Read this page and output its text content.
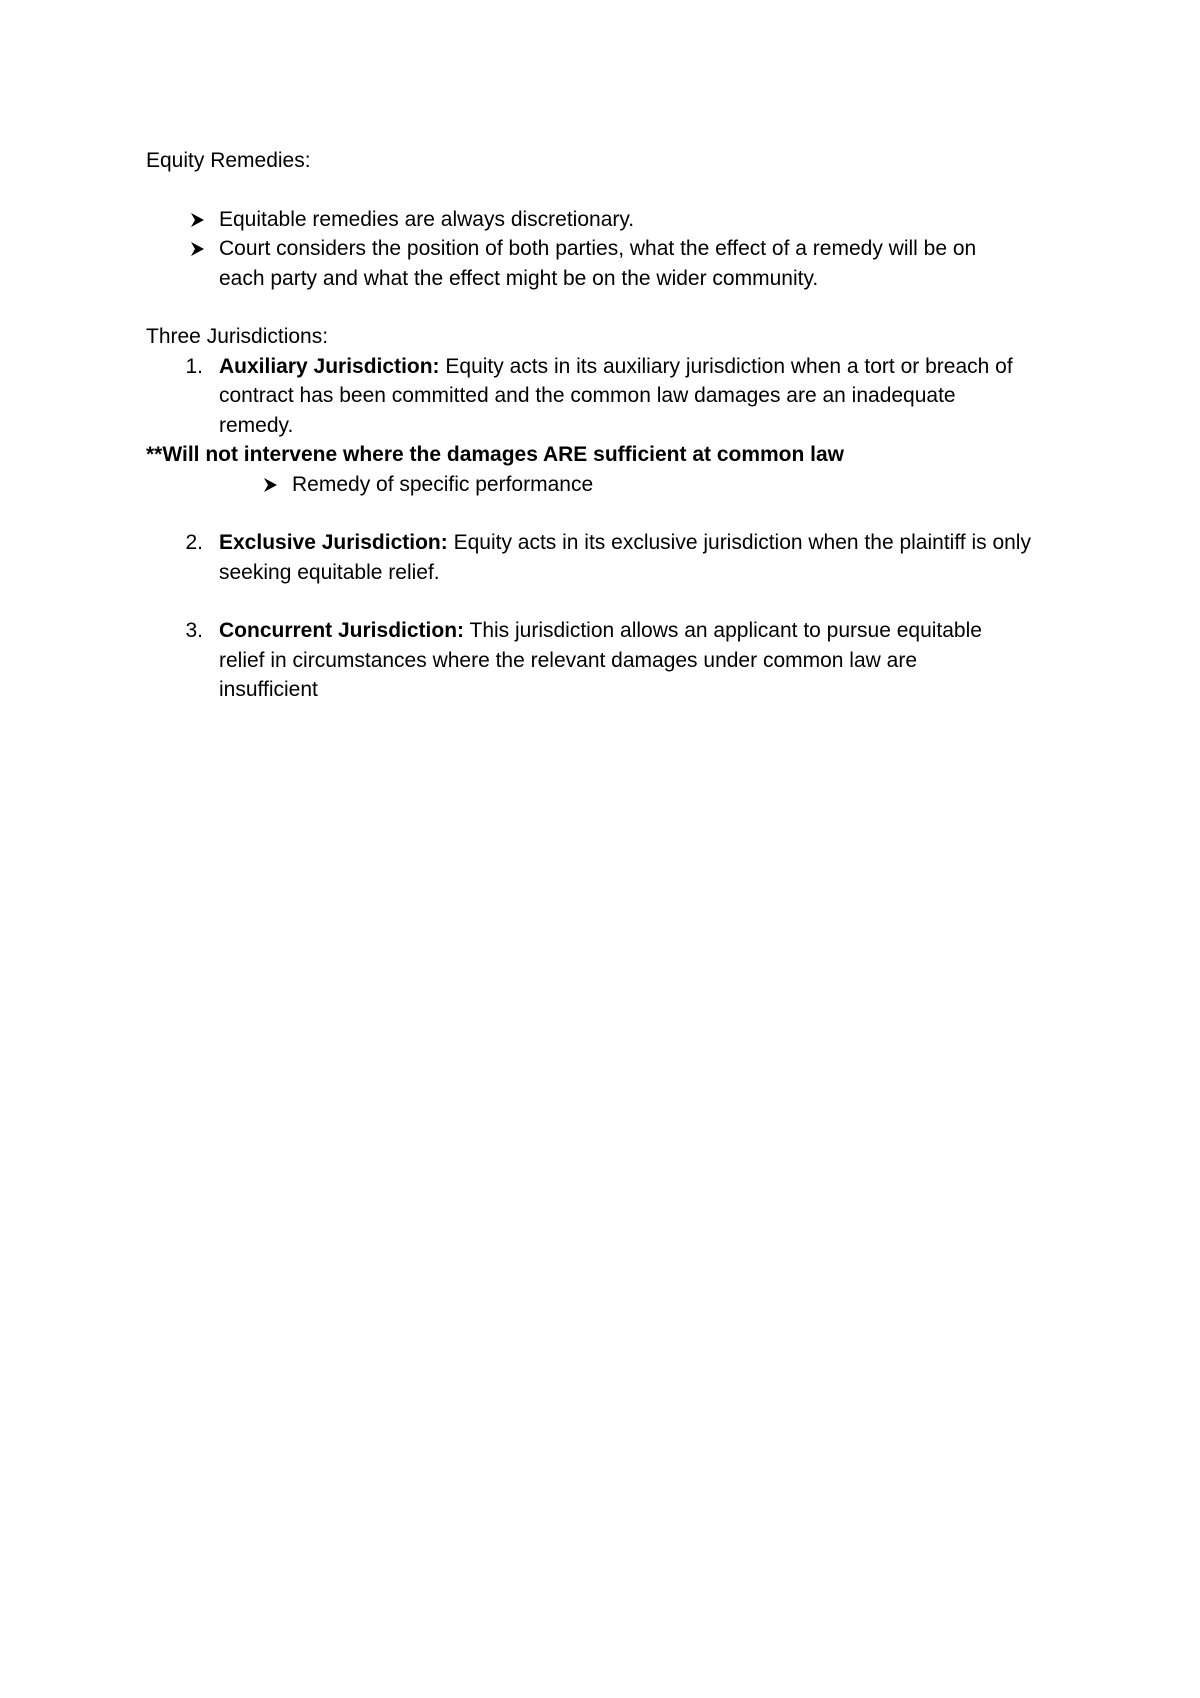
Equity Remedies:

Equitable remedies are always discretionary.
Court considers the position of both parties, what the effect of a remedy will be on
each party and what the effect might be on the wider community.

Three Jurisdictions:

1. Auxiliary Jurisdiction: Equity acts in its auxiliary jurisdiction when a tort or breach of
contract has been committed and the common law damages are an inadequate
remedy.

**Will not intervene where the damages ARE sufficient at common law

Remedy of specific performance
2. Exclusive Jurisdiction: Equity acts in its exclusive jurisdiction when the plaintiff is only
seeking equitable relief.
3. Concurrent Jurisdiction: This jurisdiction allows an applicant to pursue equitable
relief in circumstances where the relevant damages under common law are
insufficient
